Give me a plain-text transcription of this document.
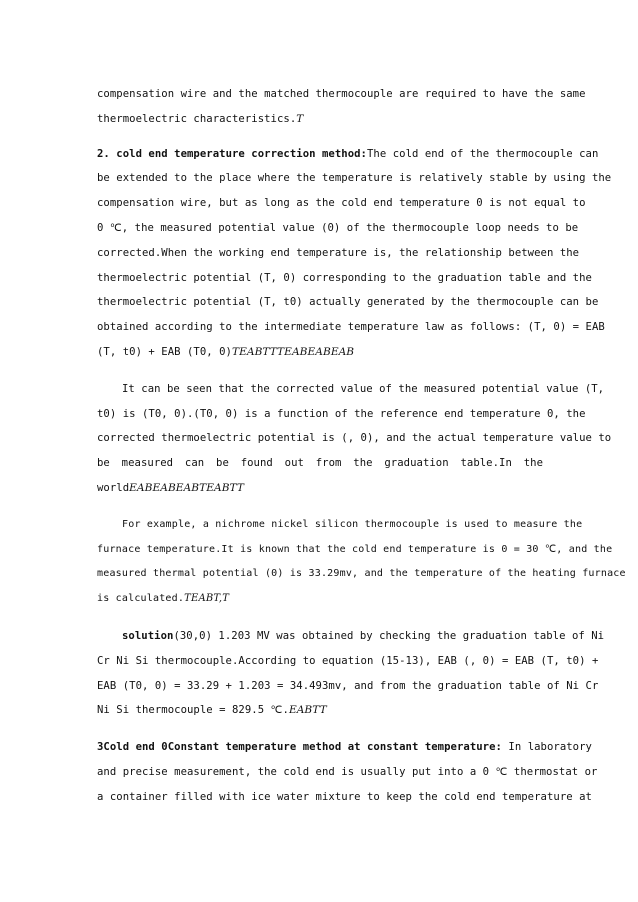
compensation wire and the matched thermocouple are required to have the same
thermoelectric characteristics.T
2. cold end temperature correction method:The cold end of the thermocouple can
be extended to the place where the temperature is relatively stable by using the
compensation wire, but as long as the cold end temperature 0 is not equal to
0 ℃, the measured potential value (0) of the thermocouple loop needs to be
corrected.When the working end temperature is, the relationship between the
thermoelectric potential (T, 0) corresponding to the graduation table and the
thermoelectric potential (T, t0) actually generated by the thermocouple can be
obtained according to the intermediate temperature law as follows: (T, 0) = EAB
(T, t0) + EAB (T0, 0)TEABTTTEABEABEAB
It can be seen that the corrected value of the measured potential value (T,
t0) is (T0, 0).(T0, 0) is a function of the reference end temperature 0, the
corrected thermoelectric potential is (, 0), and the actual temperature value to
be measured can be found out from the graduation table.In the
worldEABEABEABTEABTT
For example, a nichrome nickel silicon thermocouple is used to measure the
furnace temperature.It is known that the cold end temperature is 0 = 30 ℃, and the
measured thermal potential (0) is 33.29mv, and the temperature of the heating furnace
is calculated.TEABT,T
solution(30,0) 1.203 MV was obtained by checking the graduation table of Ni
Cr Ni Si thermocouple.According to equation (15-13), EAB (, 0) = EAB (T, t0) +
EAB (T0, 0) = 33.29 + 1.203 = 34.493mv, and from the graduation table of Ni Cr
Ni Si thermocouple = 829.5 ℃.EABTT
3Cold end 0Constant temperature method at constant temperature: In laboratory
and precise measurement, the cold end is usually put into a 0 ℃ thermostat or
a container filled with ice water mixture to keep the cold end temperature at
